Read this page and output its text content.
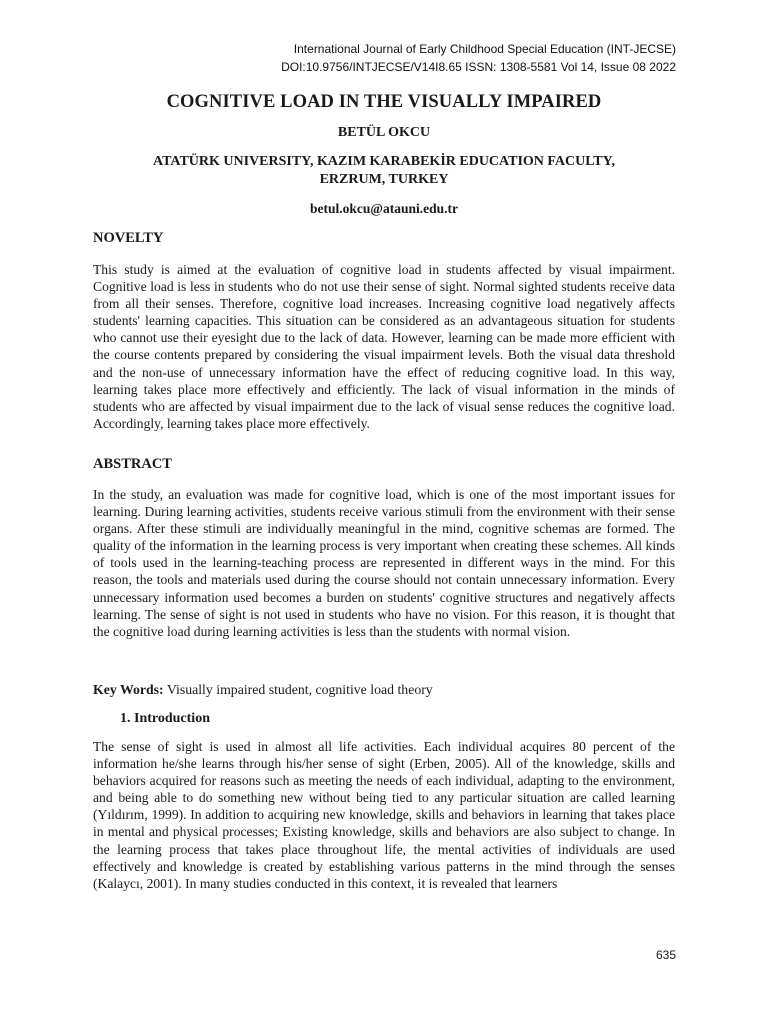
International Journal of Early Childhood Special Education (INT-JECSE)
DOI:10.9756/INTJECSE/V14I8.65 ISSN: 1308-5581 Vol 14, Issue 08 2022
COGNITIVE LOAD IN THE VISUALLY IMPAIRED
BETÜL OKCU
ATATÜRK UNIVERSITY, KAZIM KARABEKİR EDUCATION FACULTY,
ERZRUM, TURKEY
betul.okcu@atauni.edu.tr
NOVELTY

This study is aimed at the evaluation of cognitive load in students affected by visual impairment. Cognitive load is less in students who do not use their sense of sight. Normal sighted students receive data from all their senses. Therefore, cognitive load increases. Increasing cognitive load negatively affects students' learning capacities. This situation can be considered as an advantageous situation for students who cannot use their eyesight due to the lack of data. However, learning can be made more efficient with the course contents prepared by considering the visual impairment levels. Both the visual data threshold and the non-use of unnecessary information have the effect of reducing cognitive load. In this way, learning takes place more effectively and efficiently. The lack of visual information in the minds of students who are affected by visual impairment due to the lack of visual sense reduces the cognitive load. Accordingly, learning takes place more effectively.

ABSTRACT

In the study, an evaluation was made for cognitive load, which is one of the most important issues for learning. During learning activities, students receive various stimuli from the environment with their sense organs. After these stimuli are individually meaningful in the mind, cognitive schemas are formed. The quality of the information in the learning process is very important when creating these schemes. All kinds of tools used in the learning-teaching process are represented in different ways in the mind. For this reason, the tools and materials used during the course should not contain unnecessary information. Every unnecessary information used becomes a burden on students' cognitive structures and negatively affects learning. The sense of sight is not used in students who have no vision. For this reason, it is thought that the cognitive load during learning activities is less than the students with normal vision.

Key Words: Visually impaired student, cognitive load theory
1. Introduction

The sense of sight is used in almost all life activities. Each individual acquires 80 percent of the information he/she learns through his/her sense of sight (Erben, 2005). All of the knowledge, skills and behaviors acquired for reasons such as meeting the needs of each individual, adapting to the environment, and being able to do something new without being tied to any particular situation are called learning (Yıldırım, 1999). In addition to acquiring new knowledge, skills and behaviors in learning that takes place in mental and physical processes; Existing knowledge, skills and behaviors are also subject to change. In the learning process that takes place throughout life, the mental activities of individuals are used effectively and knowledge is created by establishing various patterns in the mind through the senses (Kalaycı, 2001). In many studies conducted in this context, it is revealed that learners

635
